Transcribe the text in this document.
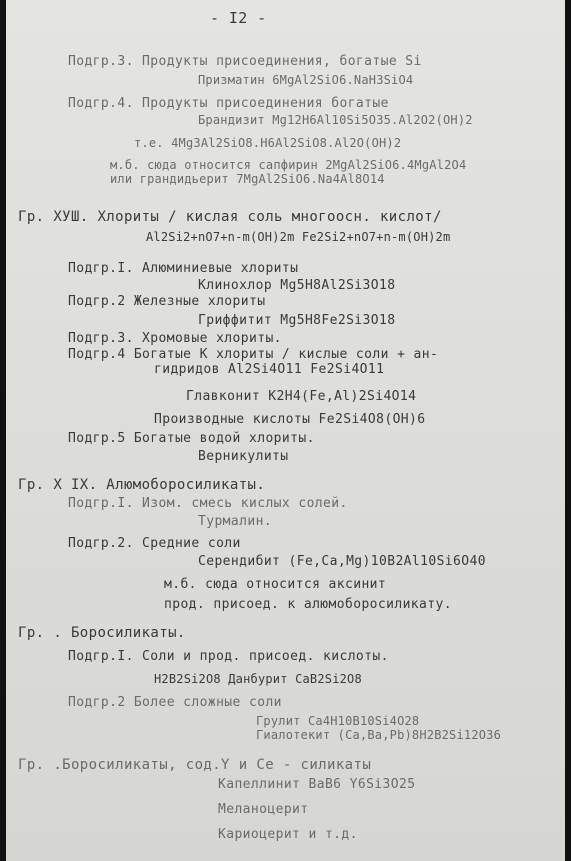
- I2 -
Подгр.3. Продукты присоединения, богатые Si
Призматин 6MgAl2SiO6.NaH3SiO4
Подгр.4. Продукты присоединения богатые
Брандизит Mg12H6Al10Si5O35.Al2O2(OH)2
т.е. 4Mg3Al2SiO8.H6Al2SiO8.Al2O(OH)2
м.б. сюда относится сапфирин 2MgAl2SiO6.4MgAl2O4
или грандидьерит 7MgAl2SiO6.Na4Al8O14
Гр. ХУШ. Хлориты / кислая соль многоосн. кислот/
Al2Si2+nO7+n-m(OH)2m Fe2Si2+nO7+n-m(OH)2m
Подгр.I. Алюминиевые хлориты
Клинохлор Mg5H8Al2Si3O18
Подгр.2 Железные хлориты
Гриффитит Mg5H8Fe2Si3O18
Подгр.3. Хромовые хлориты.
Подгр.4 Богатые К хлориты / кислые соли + ан-
гидридов Al2Si4O11 Fe2Si4O11
Главконит K2H4(Fe,Al)2Si4O14
Производные кислоты Fe2Si4O8(OH)6
Подгр.5 Богатые водой хлориты.
Верникулиты
Гр. Х IX. Алюмоборосиликаты.
Подгр.I. Изом. смесь кислых солей.
Турмалин.
Подгр.2. Средние соли
Серендибит (Fe,Ca,Mg)10B2Al10Si6O40
м.б. сюда относится аксинит
прод. присоед. к алюмоборосиликату.
Гр. . Боросиликаты.
Подгр.I. Соли и прод. присоед. кислоты.
H2B2Si2O8 Данбурит CaB2Si2O8
Подгр.2 Более сложные соли
Грулит Ca4H10B10Si4O28
Гиалотекит (Ca,Ba,Pb)8H2B2Si12O36
Гр. .Боросиликаты, сод.Y и Ce - силикаты
Капеллинит BaB6 Y6Si3O25
Меланоцерит
Кариоцерит и т.д.
